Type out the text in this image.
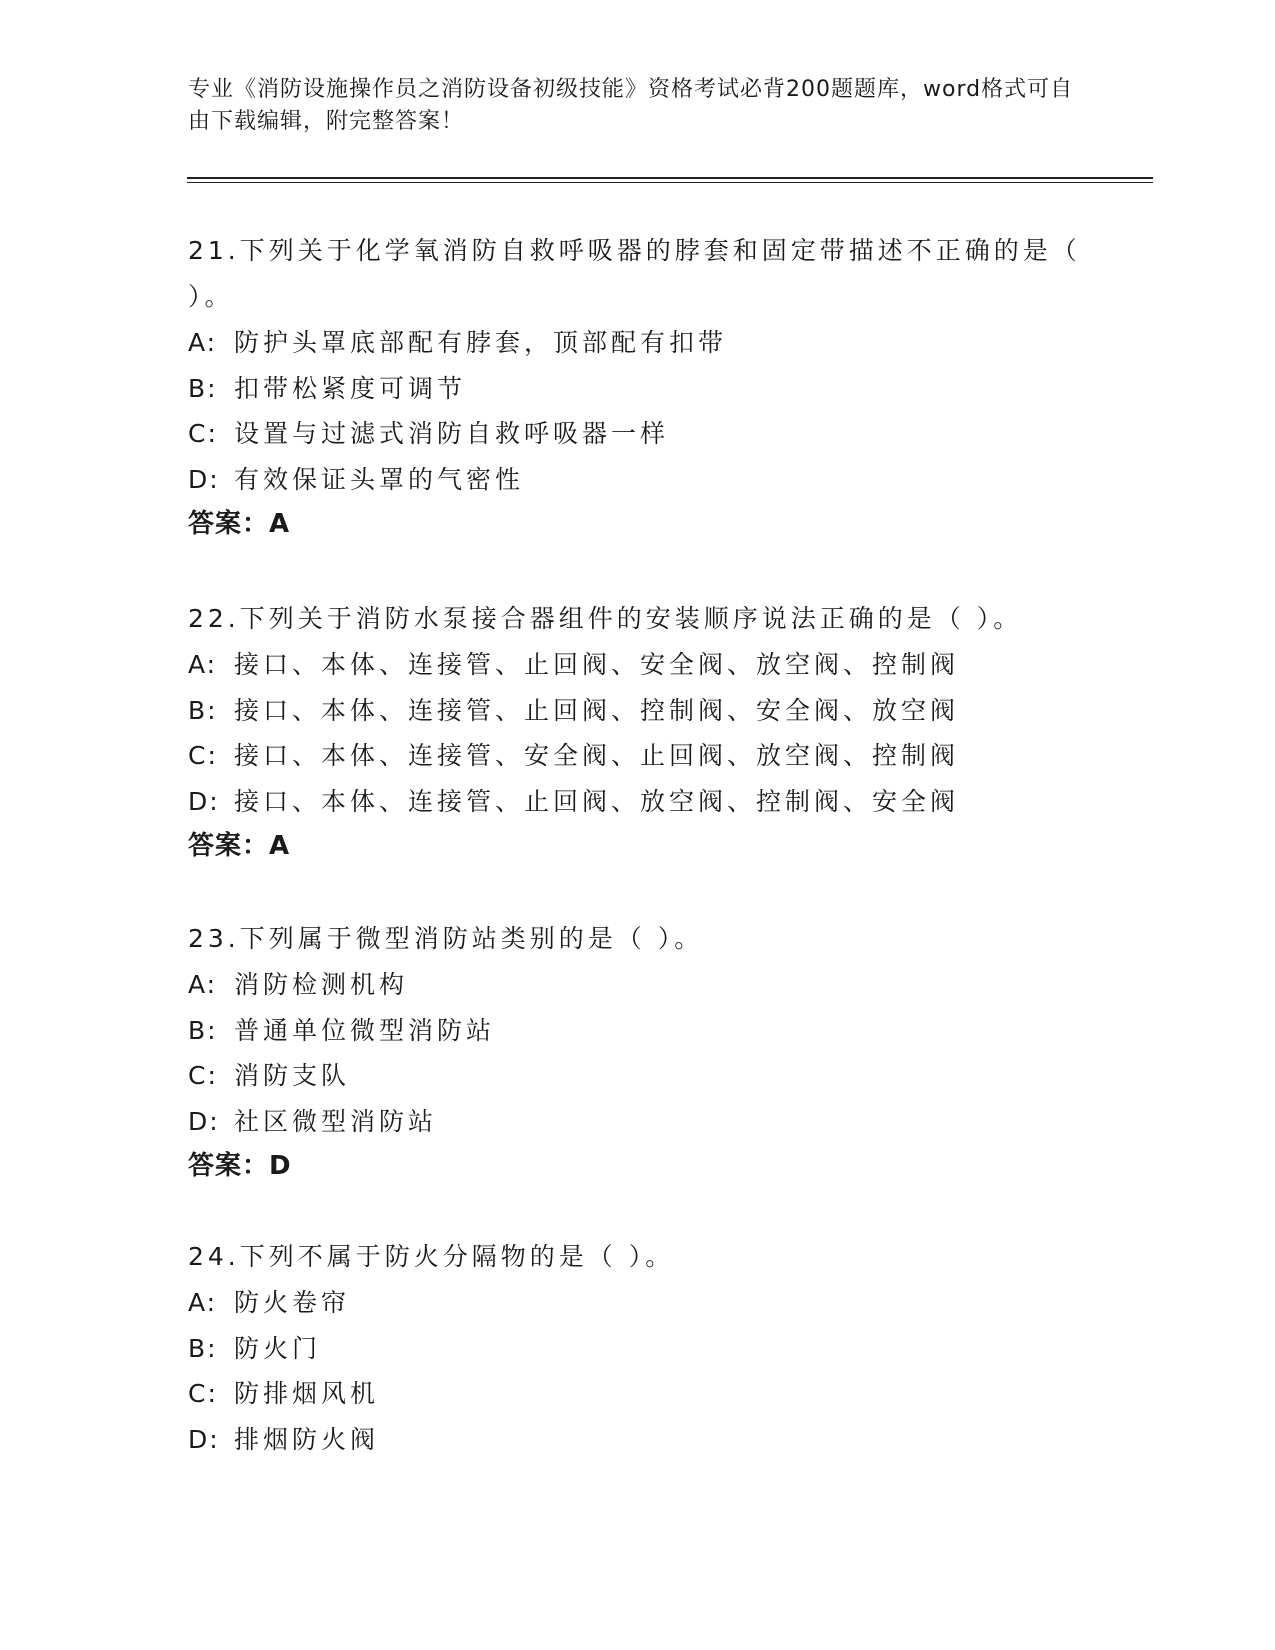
专业《消防设施操作员之消防设备初级技能》资格考试必背200题题库，word格式可自由下载编辑，附完整答案！

21.下列关于化学氧消防自救呼吸器的脖套和固定带描述不正确的是（ ）。

A: 防护头罩底部配有脖套，顶部配有扣带

B: 扣带松紧度可调节

C: 设置与过滤式消防自救呼吸器一样

D: 有效保证头罩的气密性

答案：A

22.下列关于消防水泵接合器组件的安装顺序说法正确的是（ ）。

A: 接口、本体、连接管、止回阀、安全阀、放空阀、控制阀

B: 接口、本体、连接管、止回阀、控制阀、安全阀、放空阀

C: 接口、本体、连接管、安全阀、止回阀、放空阀、控制阀

D: 接口、本体、连接管、止回阀、放空阀、控制阀、安全阀

答案：A

23.下列属于微型消防站类别的是（ ）。

A: 消防检测机构

B: 普通单位微型消防站

C: 消防支队

D: 社区微型消防站

答案：D

24.下列不属于防火分隔物的是（ ）。

A: 防火卷帘

B: 防火门

C: 防排烟风机

D: 排烟防火阀
